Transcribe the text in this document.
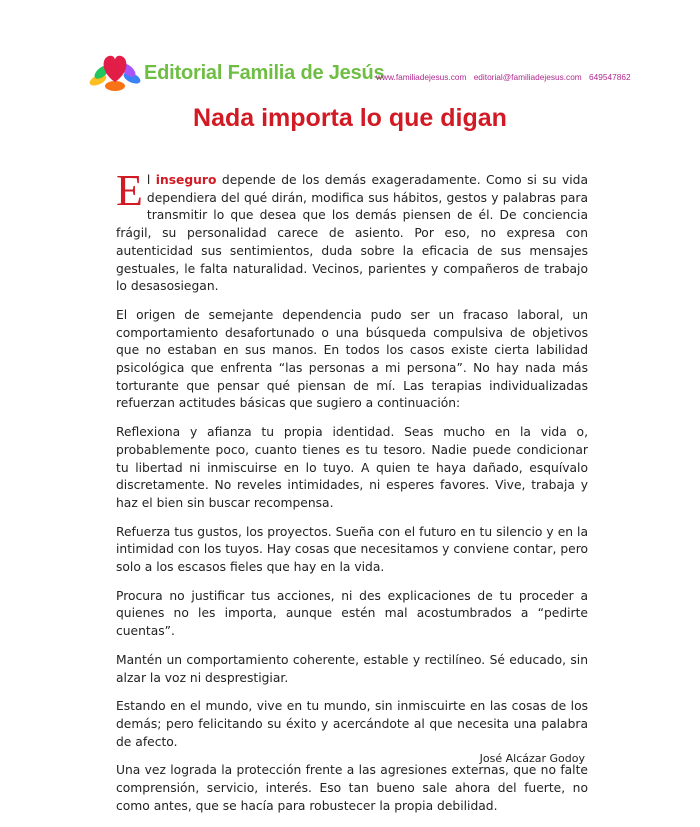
Editorial Familia de Jesús
www.familiadejesus.com editorial@familiadejesus.com 649547862
Nada importa lo que digan

El inseguro depende de los demás exageradamente. Como si su vida dependiera del qué dirán, modifica sus hábitos, gestos y palabras para transmitir lo que desea que los demás piensen de él. De conciencia frágil, su personalidad carece de asiento. Por eso, no expresa con autenticidad sus sentimientos, duda sobre la eficacia de sus mensajes gestuales, le falta naturalidad. Vecinos, parientes y compañeros de trabajo lo desasosiegan.

El origen de semejante dependencia pudo ser un fracaso laboral, un comportamiento desafortunado o una búsqueda compulsiva de objetivos que no estaban en sus manos. En todos los casos existe cierta labilidad psicológica que enfrenta “las personas a mi persona”. No hay nada más torturante que pensar qué piensan de mí. Las terapias individualizadas refuerzan actitudes básicas que sugiero a continuación:

Reflexiona y afianza tu propia identidad. Seas mucho en la vida o, probablemente poco, cuanto tienes es tu tesoro. Nadie puede condicionar tu libertad ni inmiscuirse en lo tuyo. A quien te haya dañado, esquívalo discretamente. No reveles intimidades, ni esperes favores. Vive, trabaja y haz el bien sin buscar recompensa.

Refuerza tus gustos, los proyectos. Sueña con el futuro en tu silencio y en la intimidad con los tuyos. Hay cosas que necesitamos y conviene contar, pero solo a los escasos fieles que hay en la vida.

Procura no justificar tus acciones, ni des explicaciones de tu proceder a quienes no les importa, aunque estén mal acostumbrados a “pedirte cuentas”.

Mantén un comportamiento coherente, estable y rectilíneo. Sé educado, sin alzar la voz ni desprestigiar.

Estando en el mundo, vive en tu mundo, sin inmiscuirte en las cosas de los demás; pero felicitando su éxito y acercándote al que necesita una palabra de afecto.

Una vez lograda la protección frente a las agresiones externas, que no falte comprensión, servicio, interés. Eso tan bueno sale ahora del fuerte, no como antes, que se hacía para robustecer la propia debilidad.

José Alcázar Godoy
